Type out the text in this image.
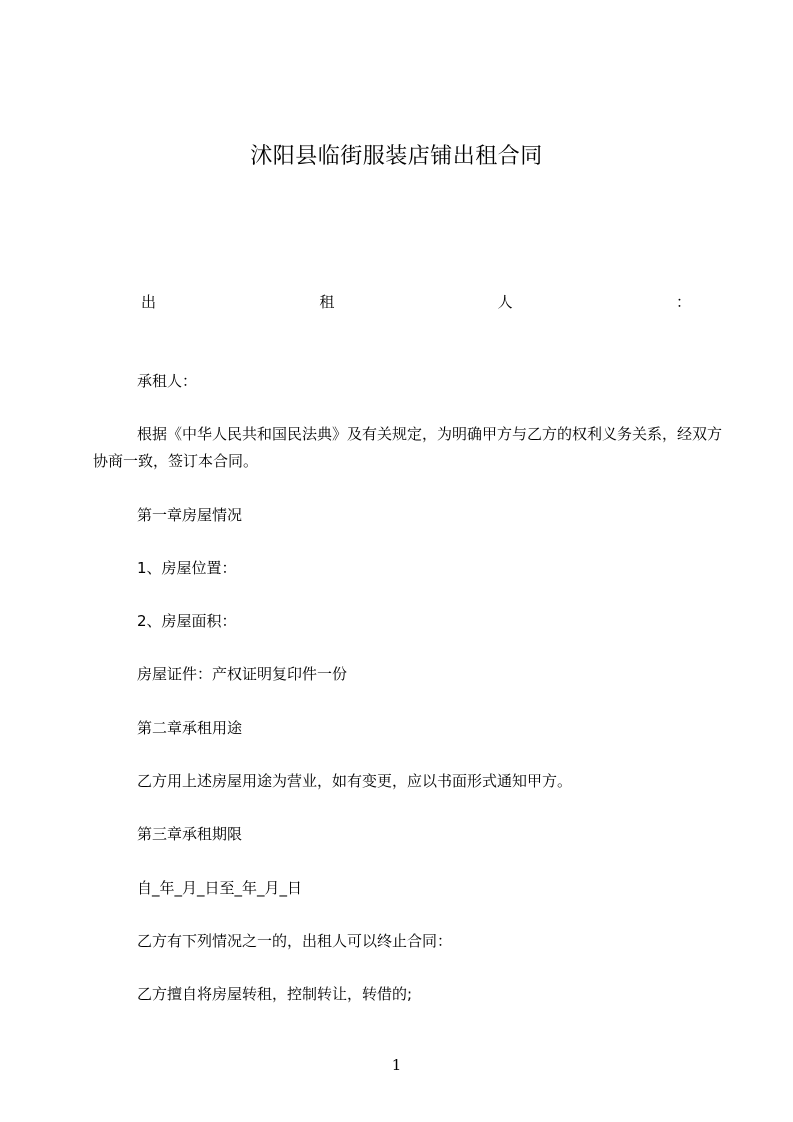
沭阳县临街服装店铺出租合同
出	租	人	：
承租人：
根据《中华人民共和国民法典》及有关规定，为明确甲方与乙方的权利义务关系，经双方协商一致，签订本合同。
第一章房屋情况
1、房屋位置：
2、房屋面积：
房屋证件：产权证明复印件一份
第二章承租用途
乙方用上述房屋用途为营业，如有变更，应以书面形式通知甲方。
第三章承租期限
自_年_月_日至_年_月_日
乙方有下列情况之一的，出租人可以终止合同：
乙方擅自将房屋转租，控制转让，转借的;
1
